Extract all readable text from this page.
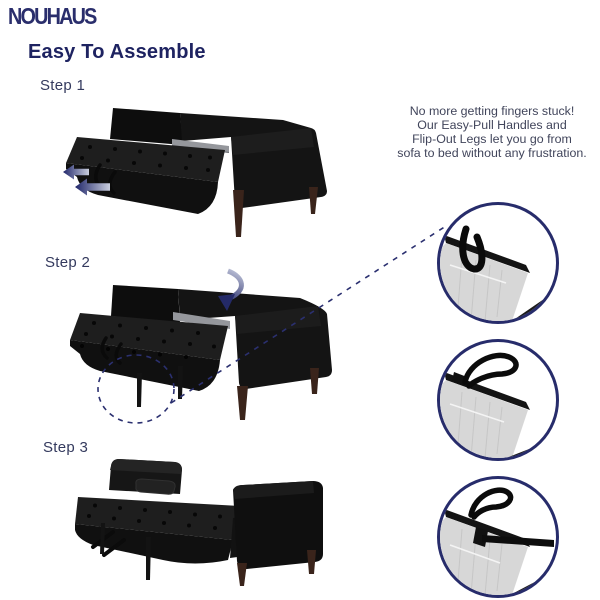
NOUHAUS
Easy To Assemble
Step 1
Step 2
Step 3
No more getting fingers stuck!
Our Easy-Pull Handles and
Flip-Out Legs let you go from
sofa to bed without any frustration.
